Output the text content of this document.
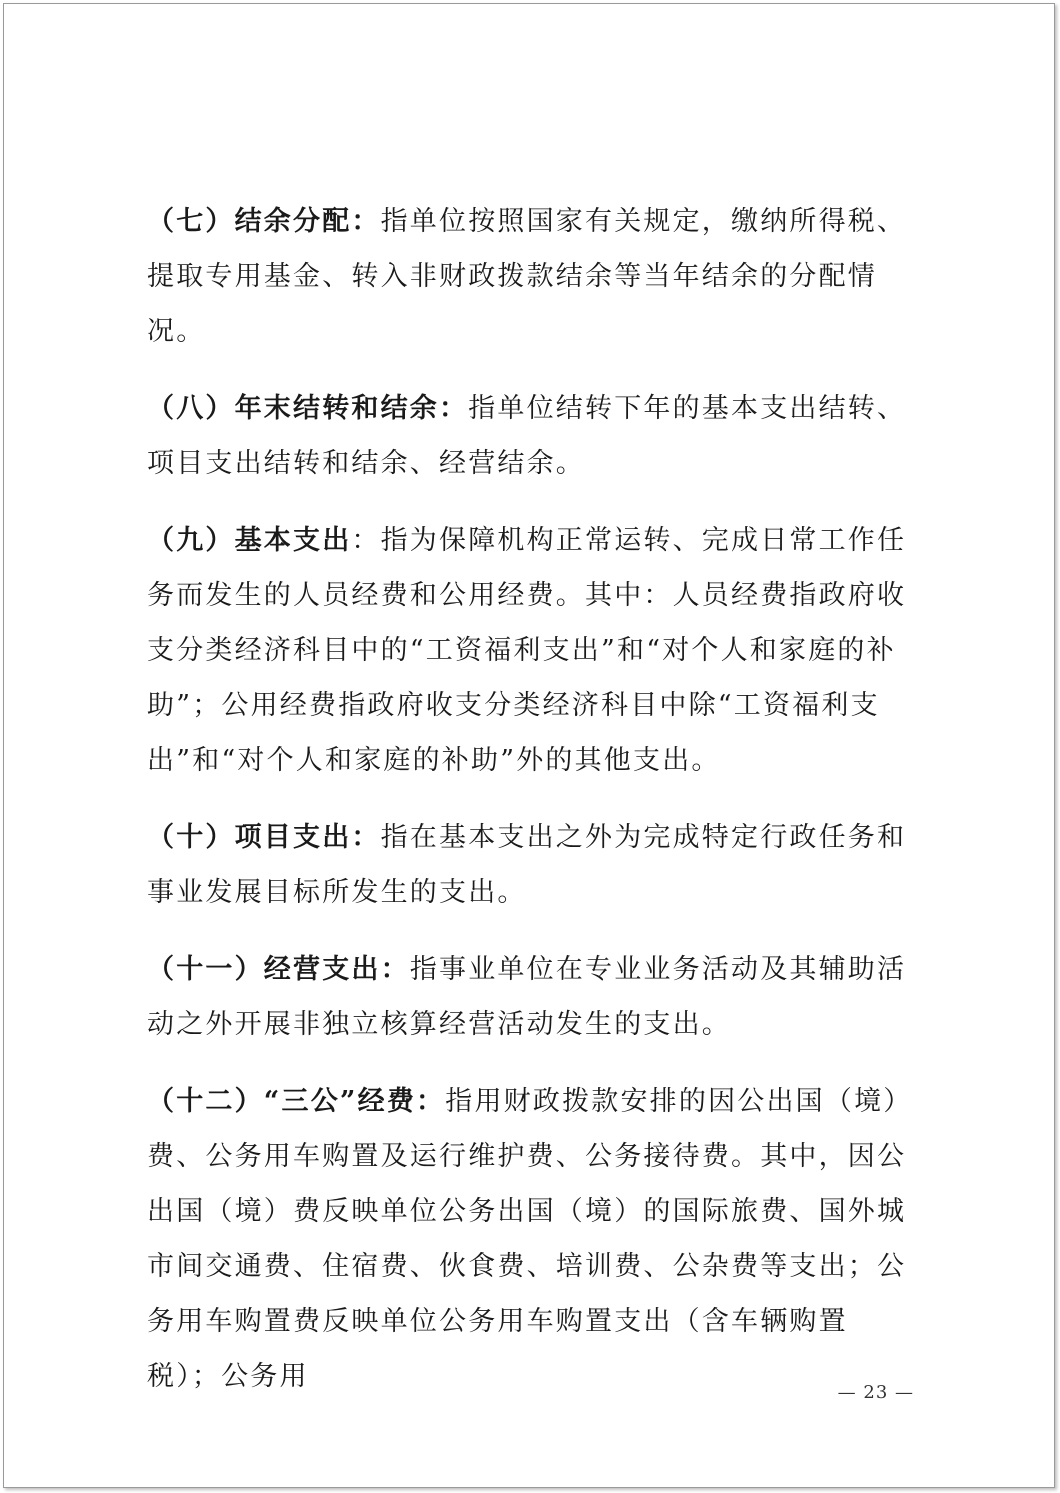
（七）结余分配：指单位按照国家有关规定，缴纳所得税、提取专用基金、转入非财政拨款结余等当年结余的分配情况。

（八）年末结转和结余：指单位结转下年的基本支出结转、项目支出结转和结余、经营结余。

（九）基本支出：指为保障机构正常运转、完成日常工作任务而发生的人员经费和公用经费。其中：人员经费指政府收支分类经济科目中的“工资福利支出”和“对个人和家庭的补助”；公用经费指政府收支分类经济科目中除“工资福利支出”和“对个人和家庭的补助”外的其他支出。

（十）项目支出：指在基本支出之外为完成特定行政任务和事业发展目标所发生的支出。

（十一）经营支出：指事业单位在专业业务活动及其辅助活动之外开展非独立核算经营活动发生的支出。

（十二）“三公”经费：指用财政拨款安排的因公出国（境）费、公务用车购置及运行维护费、公务接待费。其中，因公出国（境）费反映单位公务出国（境）的国际旅费、国外城市间交通费、住宿费、伙食费、培训费、公杂费等支出；公务用车购置费反映单位公务用车购置支出（含车辆购置税）；公务用

— 23 —
